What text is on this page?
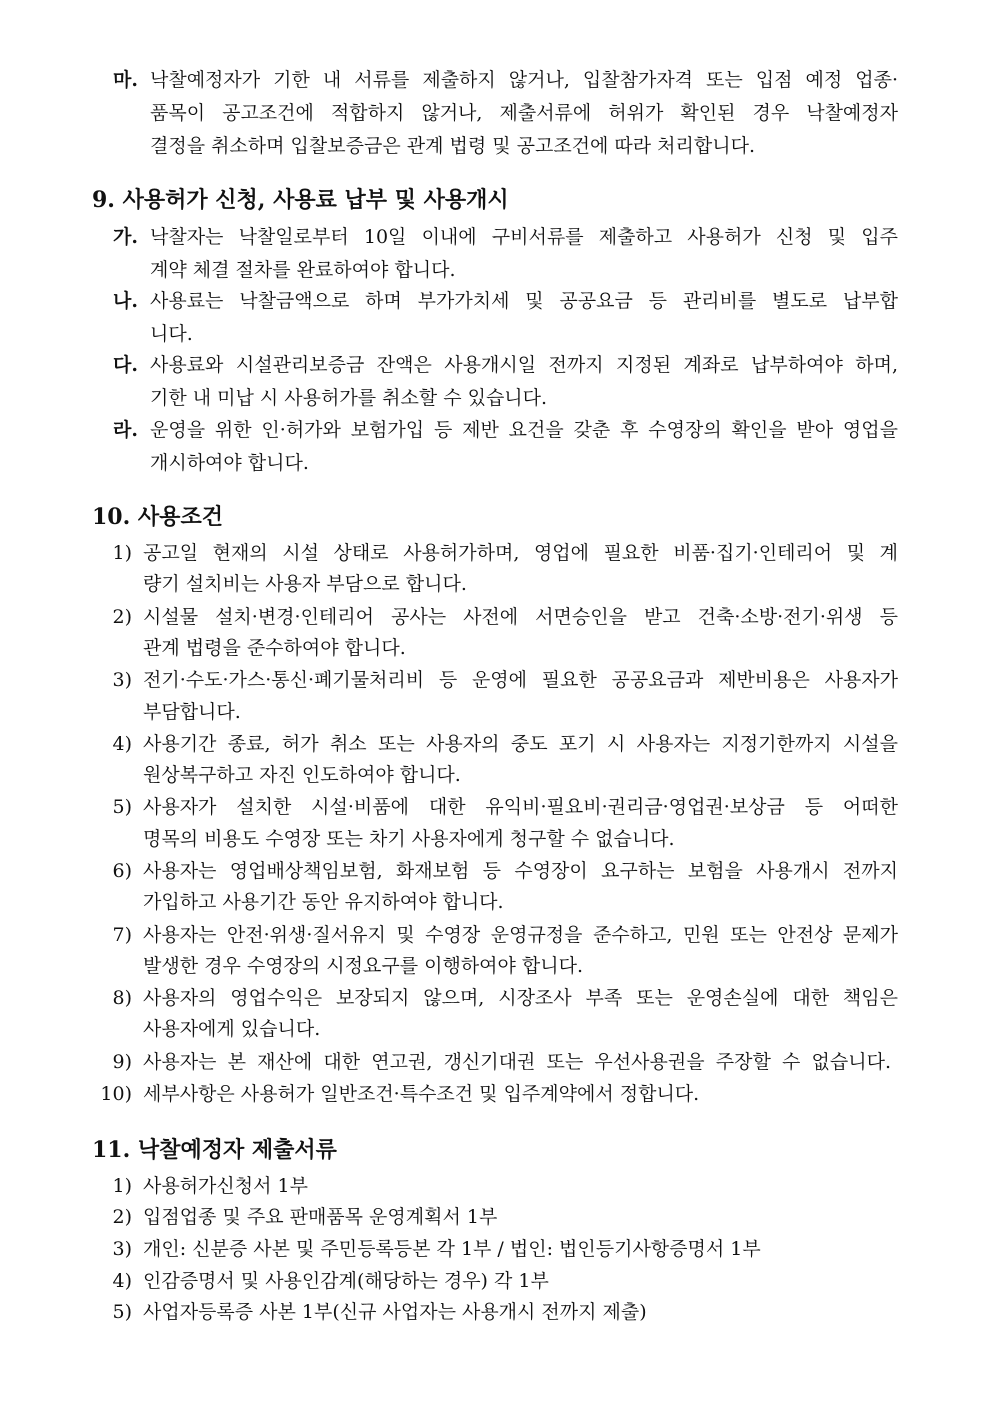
마. 낙찰예정자가 기한 내 서류를 제출하지 않거나, 입찰참가자격 또는 입점 예정 업종·
품목이 공고조건에 적합하지 않거나, 제출서류에 허위가 확인된 경우 낙찰예정자
결정을 취소하며 입찰보증금은 관계 법령 및 공고조건에 따라 처리합니다.
9. 사용허가 신청, 사용료 납부 및 사용개시
가. 낙찰자는 낙찰일로부터 10일 이내에 구비서류를 제출하고 사용허가 신청 및 입주
계약 체결 절차를 완료하여야 합니다.
나. 사용료는 낙찰금액으로 하며 부가가치세 및 공공요금 등 관리비를 별도로 납부합
니다.
다. 사용료와 시설관리보증금 잔액은 사용개시일 전까지 지정된 계좌로 납부하여야 하며,
기한 내 미납 시 사용허가를 취소할 수 있습니다.
라. 운영을 위한 인·허가와 보험가입 등 제반 요건을 갖춘 후 수영장의 확인을 받아 영업을
개시하여야 합니다.
10. 사용조건
1) 공고일 현재의 시설 상태로 사용허가하며, 영업에 필요한 비품·집기·인테리어 및 계
량기 설치비는 사용자 부담으로 합니다.
2) 시설물 설치·변경·인테리어 공사는 사전에 서면승인을 받고 건축·소방·전기·위생 등
관계 법령을 준수하여야 합니다.
3) 전기·수도·가스·통신·폐기물처리비 등 운영에 필요한 공공요금과 제반비용은 사용자가
부담합니다.
4) 사용기간 종료, 허가 취소 또는 사용자의 중도 포기 시 사용자는 지정기한까지 시설을
원상복구하고 자진 인도하여야 합니다.
5) 사용자가 설치한 시설·비품에 대한 유익비·필요비·권리금·영업권·보상금 등 어떠한
명목의 비용도 수영장 또는 차기 사용자에게 청구할 수 없습니다.
6) 사용자는 영업배상책임보험, 화재보험 등 수영장이 요구하는 보험을 사용개시 전까지
가입하고 사용기간 동안 유지하여야 합니다.
7) 사용자는 안전·위생·질서유지 및 수영장 운영규정을 준수하고, 민원 또는 안전상 문제가
발생한 경우 수영장의 시정요구를 이행하여야 합니다.
8) 사용자의 영업수익은 보장되지 않으며, 시장조사 부족 또는 운영손실에 대한 책임은
사용자에게 있습니다.
9) 사용자는 본 재산에 대한 연고권, 갱신기대권 또는 우선사용권을 주장할 수 없습니다.
10) 세부사항은 사용허가 일반조건·특수조건 및 입주계약에서 정합니다.
11. 낙찰예정자 제출서류
1) 사용허가신청서 1부
2) 입점업종 및 주요 판매품목 운영계획서 1부
3) 개인: 신분증 사본 및 주민등록등본 각 1부 / 법인: 법인등기사항증명서 1부
4) 인감증명서 및 사용인감계(해당하는 경우) 각 1부
5) 사업자등록증 사본 1부(신규 사업자는 사용개시 전까지 제출)
